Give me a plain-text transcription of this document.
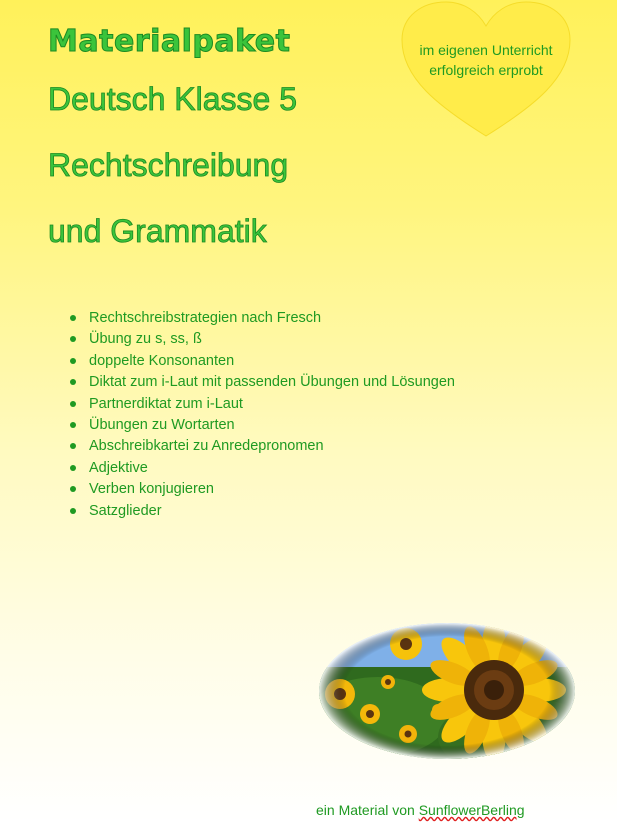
Materialpaket
Deutsch Klasse 5
Rechtschreibung
und Grammatik
im eigenen Unterricht
erfolgreich erprobt
Rechtschreibstrategien nach Fresch
Übung zu s, ss, ß
doppelte Konsonanten
Diktat zum i-Laut mit passenden Übungen und Lösungen
Partnerdiktat zum i-Laut
Übungen zu Wortarten
Abschreibkartei zu Anredepronomen
Adjektive
Verben konjugieren
Satzglieder
ein Material von SunflowerBerling
